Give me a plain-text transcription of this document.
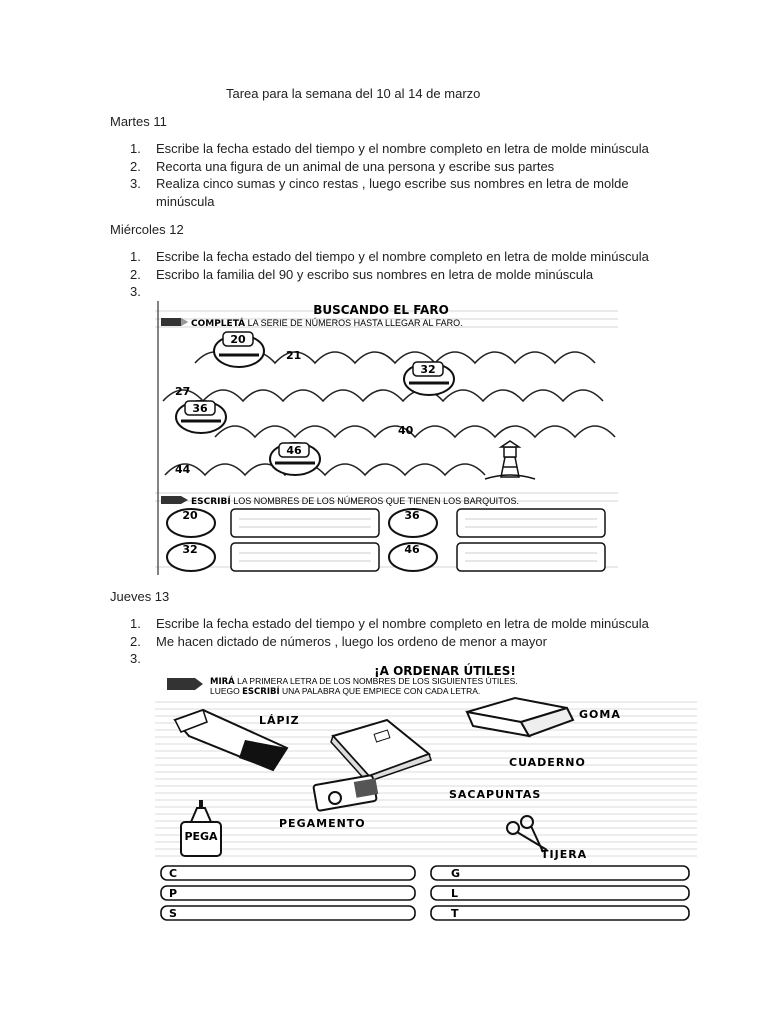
Tarea para la semana del 10 al 14 de marzo
Martes 11
1.	Escribe la fecha estado del tiempo y el nombre completo en letra de molde minúscula
2.	Recorta una figura de un animal de una persona y escribe sus partes
3.	Realiza cinco sumas y cinco restas , luego escribe sus nombres en letra de molde minúscula
Miércoles 12
1.	Escribe la fecha estado del tiempo y el nombre completo en letra de molde minúscula
2.	Escribo la familia del 90 y escribo sus nombres en letra de molde minúscula
3.
BUSCANDO EL FARO
COMPLETÁ LA SERIE DE NÚMEROS HASTA LLEGAR AL FARO.
20
32
36
46
21
27
40
44
ESCRIBÍ LOS NOMBRES DE LOS NÚMEROS QUE TIENEN LOS BARQUITOS.
20	36
32	46
Jueves 13
1.	Escribe la fecha estado del tiempo y el nombre completo en letra de molde minúscula
2.	Me hacen dictado de números , luego los ordeno de menor a mayor
3.
¡A ORDENAR ÚTILES!
MIRÁ LA PRIMERA LETRA DE LOS NOMBRES DE LOS SIGUIENTES ÚTILES.
LUEGO ESCRIBÍ UNA PALABRA QUE EMPIECE CON CADA LETRA.
LÁPIZ
CUADERNO
GOMA
SACAPUNTAS
PEGA
PEGAMENTO
TIJERA
C	G
P	L
S	T
